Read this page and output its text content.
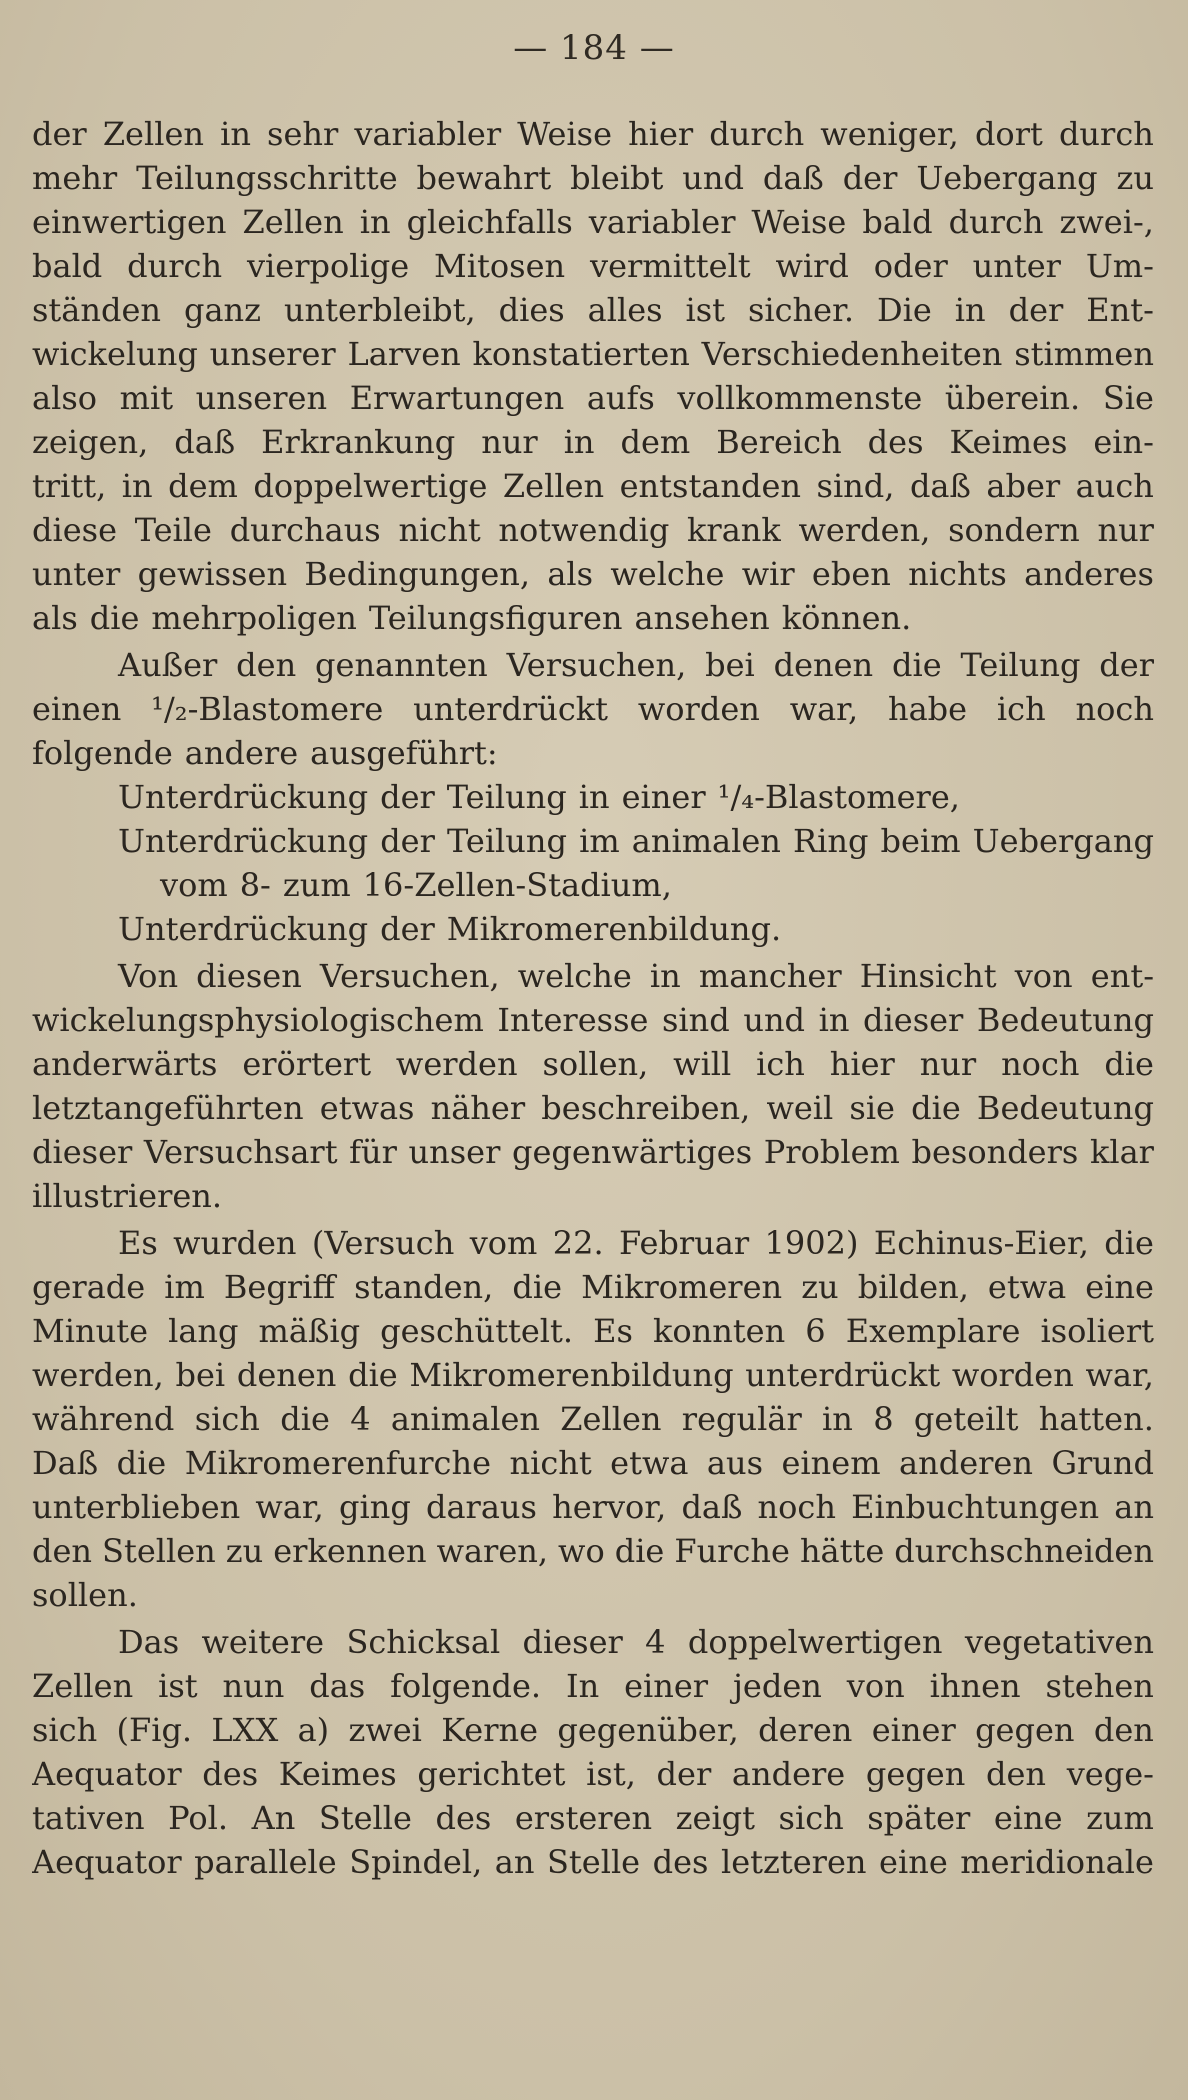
— 184 —
der Zellen in sehr variabler Weise hier durch weniger, dort durch
mehr Teilungsschritte bewahrt bleibt und daß der Uebergang zu
einwertigen Zellen in gleichfalls variabler Weise bald durch zwei-,
bald durch vierpolige Mitosen vermittelt wird oder unter Um-
ständen ganz unterbleibt, dies alles ist sicher. Die in der Ent-
wickelung unserer Larven konstatierten Verschiedenheiten stimmen
also mit unseren Erwartungen aufs vollkommenste überein. Sie
zeigen, daß Erkrankung nur in dem Bereich des Keimes ein-
tritt, in dem doppelwertige Zellen entstanden sind, daß aber auch
diese Teile durchaus nicht notwendig krank werden, sondern nur
unter gewissen Bedingungen, als welche wir eben nichts anderes
als die mehrpoligen Teilungsfiguren ansehen können.
Außer den genannten Versuchen, bei denen die Teilung der
einen ¹/₂-Blastomere unterdrückt worden war, habe ich noch
folgende andere ausgeführt:
Unterdrückung der Teilung in einer ¹/₄-Blastomere,
Unterdrückung der Teilung im animalen Ring beim Uebergang
vom 8- zum 16-Zellen-Stadium,
Unterdrückung der Mikromerenbildung.
Von diesen Versuchen, welche in mancher Hinsicht von ent-
wickelungsphysiologischem Interesse sind und in dieser Bedeutung
anderwärts erörtert werden sollen, will ich hier nur noch die
letztangeführten etwas näher beschreiben, weil sie die Bedeutung
dieser Versuchsart für unser gegenwärtiges Problem besonders klar
illustrieren.
Es wurden (Versuch vom 22. Februar 1902) Echinus-Eier, die
gerade im Begriff standen, die Mikromeren zu bilden, etwa eine
Minute lang mäßig geschüttelt. Es konnten 6 Exemplare isoliert
werden, bei denen die Mikromerenbildung unterdrückt worden war,
während sich die 4 animalen Zellen regulär in 8 geteilt hatten.
Daß die Mikromerenfurche nicht etwa aus einem anderen Grund
unterblieben war, ging daraus hervor, daß noch Einbuchtungen an
den Stellen zu erkennen waren, wo die Furche hätte durchschneiden
sollen.
Das weitere Schicksal dieser 4 doppelwertigen vegetativen
Zellen ist nun das folgende. In einer jeden von ihnen stehen
sich (Fig. LXX a) zwei Kerne gegenüber, deren einer gegen den
Aequator des Keimes gerichtet ist, der andere gegen den vege-
tativen Pol. An Stelle des ersteren zeigt sich später eine zum
Aequator parallele Spindel, an Stelle des letzteren eine meridionale
